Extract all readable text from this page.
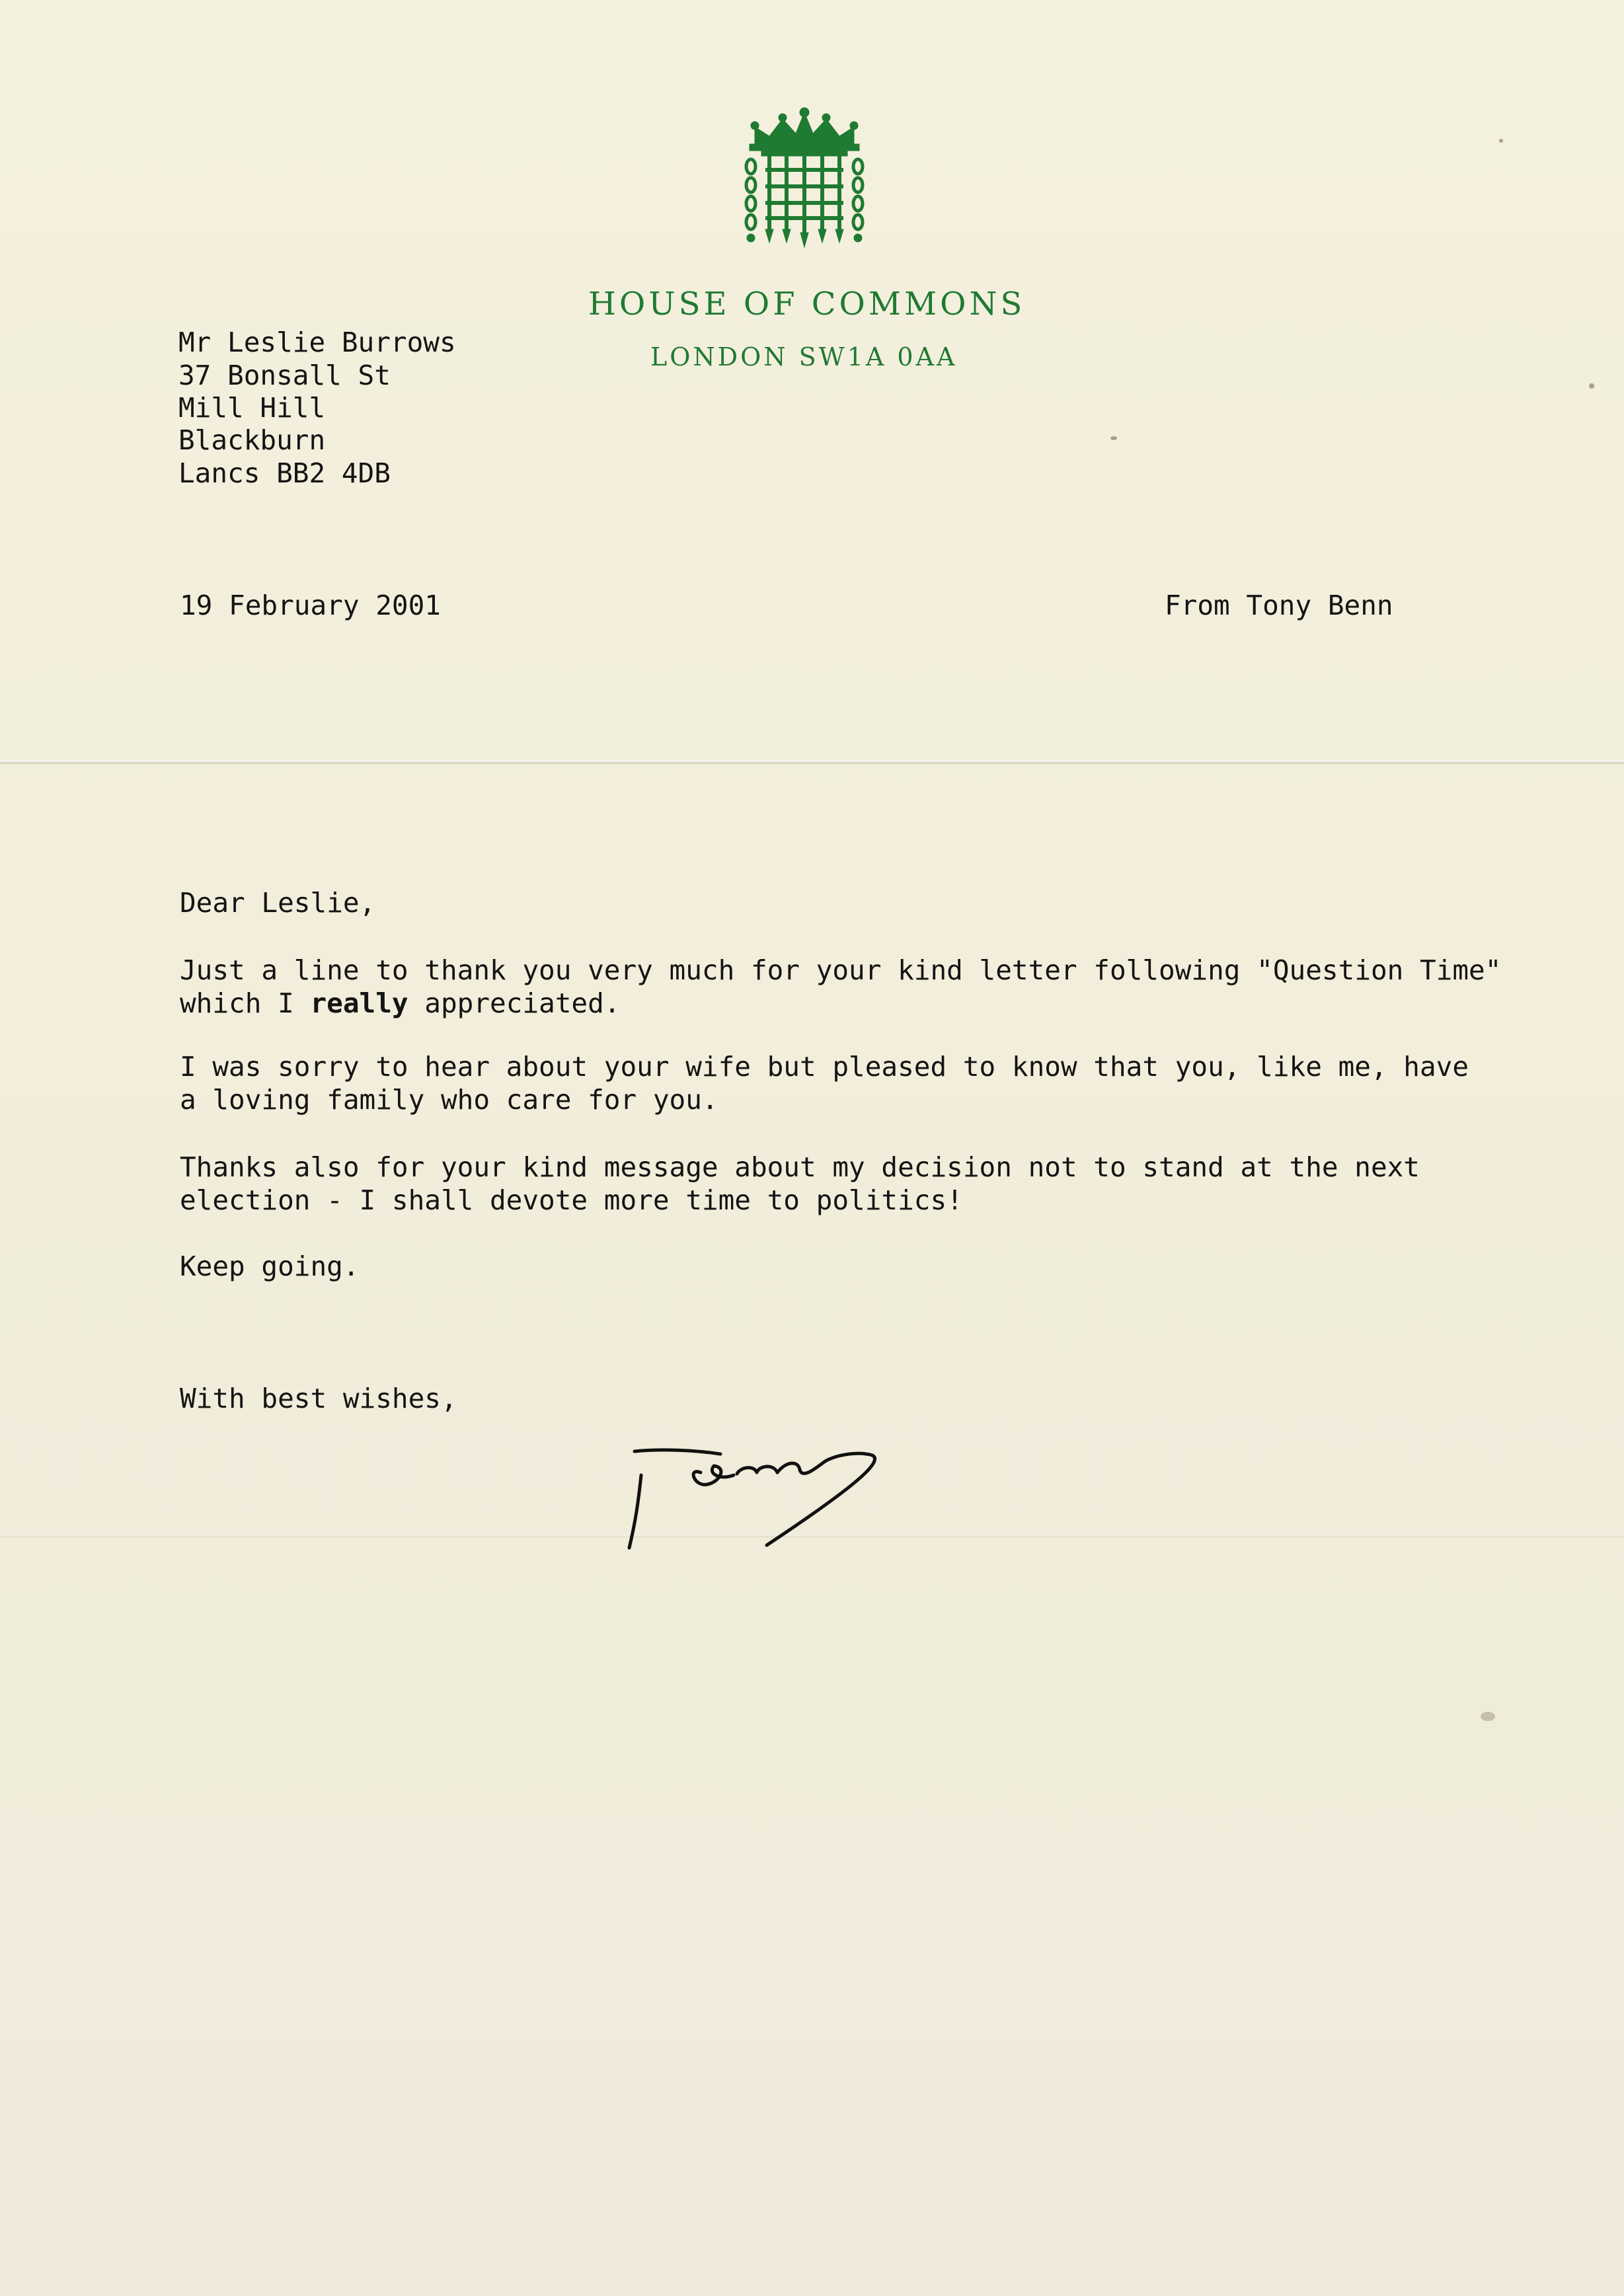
HOUSE OF COMMONS
LONDON SW1A 0AA
Mr Leslie Burrows
37 Bonsall St
Mill Hill
Blackburn
Lancs BB2 4DB
19 February 2001	From Tony Benn
Dear Leslie,
Just a line to thank you very much for your kind letter following "Question Time"
which I really appreciated.
I was sorry to hear about your wife but pleased to know that you, like me, have
a loving family who care for you.
Thanks also for your kind message about my decision not to stand at the next
election - I shall devote more time to politics!
Keep going.
With best wishes,
